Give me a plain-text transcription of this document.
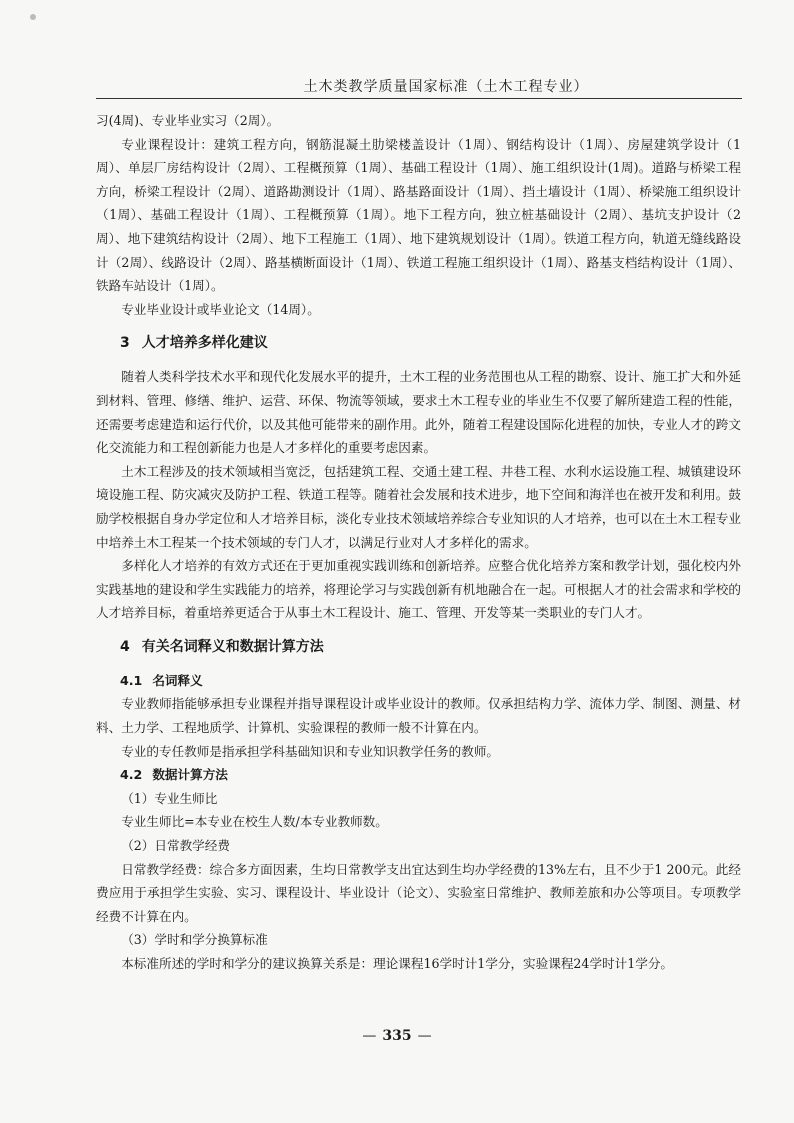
土木类教学质量国家标准（土木工程专业）

习(4周)、专业毕业实习（2周）。

专业课程设计：建筑工程方向，钢筋混凝土肋梁楼盖设计（1周）、钢结构设计（1周）、房屋建筑学设计（1周）、单层厂房结构设计（2周）、工程概预算（1周）、基础工程设计（1周）、施工组织设计(1周)。道路与桥梁工程方向，桥梁工程设计（2周）、道路勘测设计（1周）、路基路面设计（1周）、挡土墙设计（1周）、桥梁施工组织设计（1周）、基础工程设计（1周）、工程概预算（1周）。地下工程方向，独立桩基础设计（2周）、基坑支护设计（2周）、地下建筑结构设计（2周）、地下工程施工（1周）、地下建筑规划设计（1周）。铁道工程方向，轨道无缝线路设计（2周）、线路设计（2周）、路基横断面设计（1周）、铁道工程施工组织设计（1周）、路基支档结构设计（1周）、铁路车站设计（1周）。

专业毕业设计或毕业论文（14周）。

3 人才培养多样化建议

随着人类科学技术水平和现代化发展水平的提升，土木工程的业务范围也从工程的勘察、设计、施工扩大和外延到材料、管理、修缮、维护、运营、环保、物流等领域，要求土木工程专业的毕业生不仅要了解所建造工程的性能，还需要考虑建造和运行代价，以及其他可能带来的副作用。此外，随着工程建设国际化进程的加快，专业人才的跨文化交流能力和工程创新能力也是人才多样化的重要考虑因素。

土木工程涉及的技术领域相当宽泛，包括建筑工程、交通土建工程、井巷工程、水利水运设施工程、城镇建设环境设施工程、防灾减灾及防护工程、铁道工程等。随着社会发展和技术进步，地下空间和海洋也在被开发和利用。鼓励学校根据自身办学定位和人才培养目标，淡化专业技术领域培养综合专业知识的人才培养，也可以在土木工程专业中培养土木工程某一个技术领域的专门人才，以满足行业对人才多样化的需求。

多样化人才培养的有效方式还在于更加重视实践训练和创新培养。应整合优化培养方案和教学计划，强化校内外实践基地的建设和学生实践能力的培养，将理论学习与实践创新有机地融合在一起。可根据人才的社会需求和学校的人才培养目标，着重培养更适合于从事土木工程设计、施工、管理、开发等某一类职业的专门人才。

4 有关名词释义和数据计算方法
4.1 名词释义

专业教师指能够承担专业课程并指导课程设计或毕业设计的教师。仅承担结构力学、流体力学、制图、测量、材料、土力学、工程地质学、计算机、实验课程的教师一般不计算在内。

专业的专任教师是指承担学科基础知识和专业知识教学任务的教师。

4.2 数据计算方法

（1）专业生师比

专业生师比=本专业在校生人数/本专业教师数。

（2）日常教学经费

日常教学经费：综合多方面因素，生均日常教学支出宜达到生均办学经费的13%左右，且不少于1 200元。此经费应用于承担学生实验、实习、课程设计、毕业设计（论文）、实验室日常维护、教师差旅和办公等项目。专项教学经费不计算在内。

（3）学时和学分换算标准

本标准所述的学时和学分的建议换算关系是：理论课程16学时计1学分，实验课程24学时计1学分。

— 335 —
